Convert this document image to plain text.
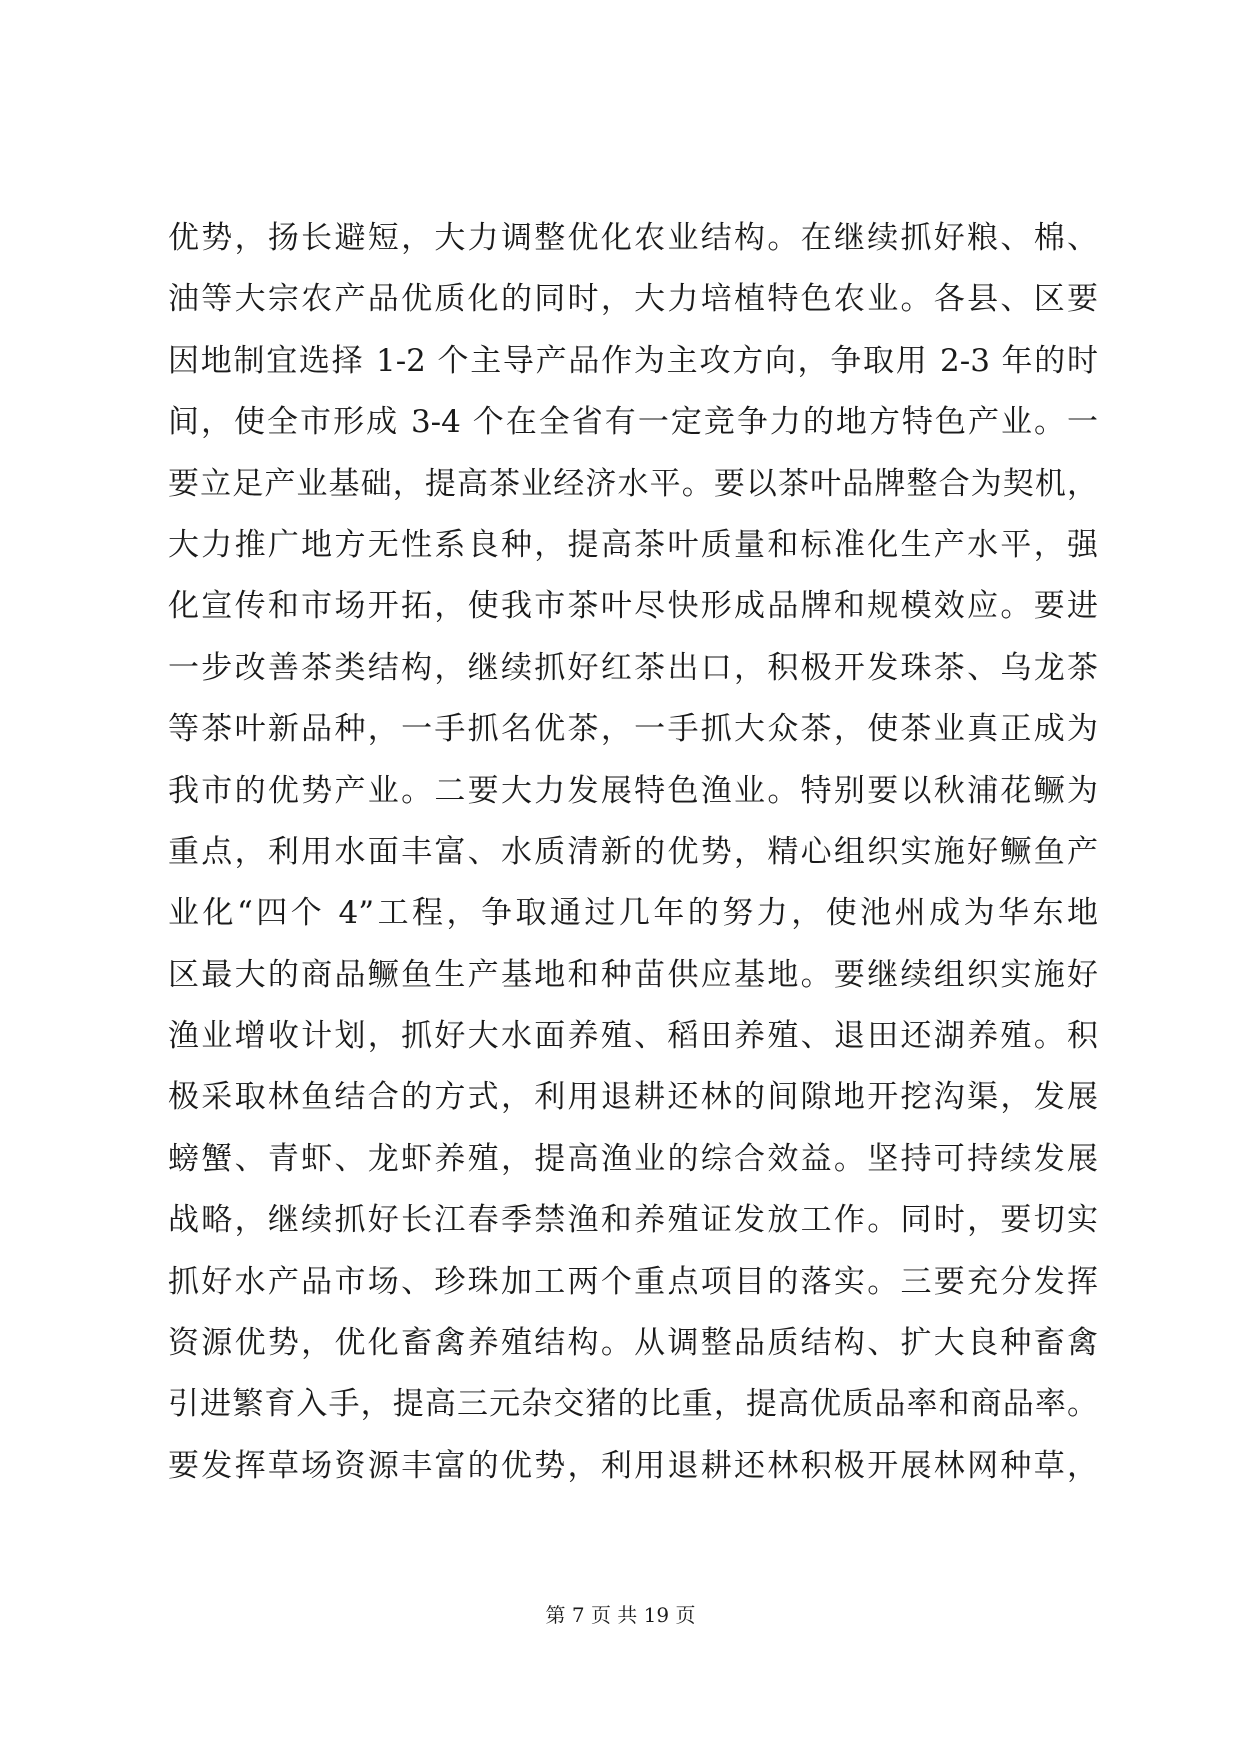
优势，扬长避短，大力调整优化农业结构。在继续抓好粮、棉、
油等大宗农产品优质化的同时，大力培植特色农业。各县、区要
因地制宜选择 1-2 个主导产品作为主攻方向，争取用 2-3 年的时
间，使全市形成 3-4 个在全省有一定竞争力的地方特色产业。一
要立足产业基础，提高茶业经济水平。要以茶叶品牌整合为契机，
大力推广地方无性系良种，提高茶叶质量和标准化生产水平，强
化宣传和市场开拓，使我市茶叶尽快形成品牌和规模效应。要进
一步改善茶类结构，继续抓好红茶出口，积极开发珠茶、乌龙茶
等茶叶新品种，一手抓名优茶，一手抓大众茶，使茶业真正成为
我市的优势产业。二要大力发展特色渔业。特别要以秋浦花鳜为
重点，利用水面丰富、水质清新的优势，精心组织实施好鳜鱼产
业化“四个 4”工程，争取通过几年的努力，使池州成为华东地
区最大的商品鳜鱼生产基地和种苗供应基地。要继续组织实施好
渔业增收计划，抓好大水面养殖、稻田养殖、退田还湖养殖。积
极采取林鱼结合的方式，利用退耕还林的间隙地开挖沟渠，发展
螃蟹、青虾、龙虾养殖，提高渔业的综合效益。坚持可持续发展
战略，继续抓好长江春季禁渔和养殖证发放工作。同时，要切实
抓好水产品市场、珍珠加工两个重点项目的落实。三要充分发挥
资源优势，优化畜禽养殖结构。从调整品质结构、扩大良种畜禽
引进繁育入手，提高三元杂交猪的比重，提高优质品率和商品率。
要发挥草场资源丰富的优势，利用退耕还林积极开展林网种草，
第 7 页 共 19 页
